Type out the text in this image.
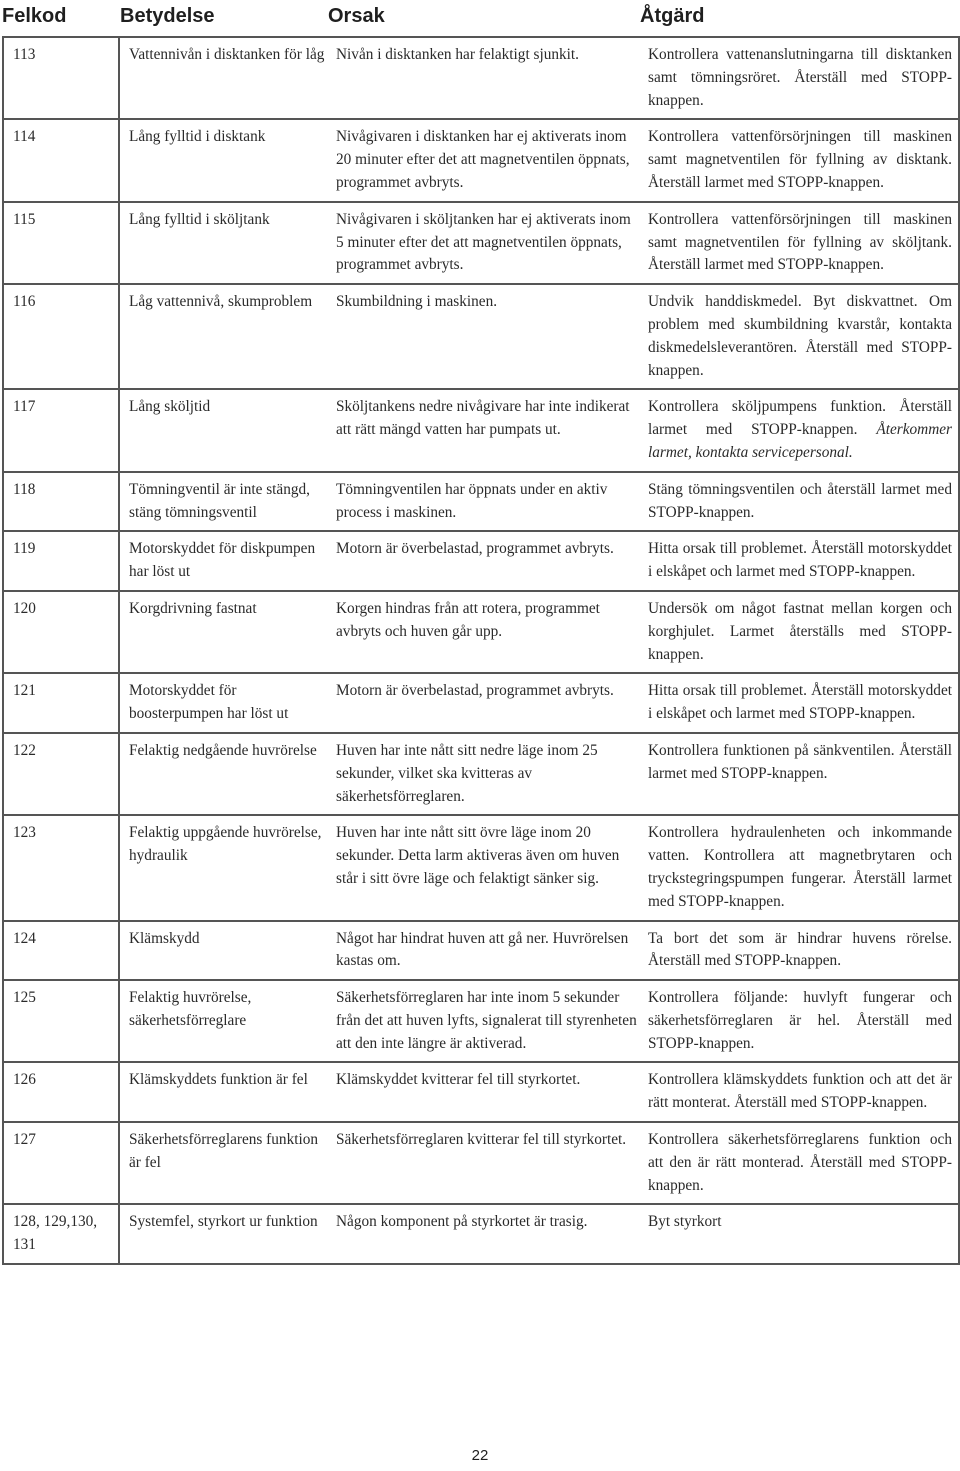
Felkod	Betydelse	Orsak	Åtgärd
113	Vattennivån i disktanken för låg	Nivån i disktanken har felaktigt sjunkit.	Kontrollera vattenanslutningarna till disktanken samt tömningsröret. Återställ med STOPP-knappen.
114	Lång fylltid i disktank	Nivågivaren i disktanken har ej aktiverats inom 20 minuter efter det att magnetventilen öppnats, programmet avbryts.	Kontrollera vattenförsörjningen till maskinen samt magnetventilen för fyllning av disktank. Återställ larmet med STOPP-knappen.
115	Lång fylltid i sköljtank	Nivågivaren i sköljtanken har ej aktiverats inom 5 minuter efter det att magnetventilen öppnats, programmet avbryts.	Kontrollera vattenförsörjningen till maskinen samt magnetventilen för fyllning av sköljtank. Återställ larmet med STOPP-knappen.
116	Låg vattennivå, skumproblem	Skumbildning i maskinen.	Undvik handdiskmedel. Byt diskvattnet. Om problem med skumbildning kvarstår, kontakta diskmedelsleverantören. Återställ med STOPP-knappen.
117	Lång sköljtid	Sköljtankens nedre nivågivare har inte indikerat att rätt mängd vatten har pumpats ut.	Kontrollera sköljpumpens funktion. Återställ larmet med STOPP-knappen. Återkommer larmet, kontakta servicepersonal.
118	Tömningventil är inte stängd, stäng tömningsventil	Tömningventilen har öppnats under en aktiv process i maskinen.	Stäng tömningsventilen och återställ larmet med STOPP-knappen.
119	Motorskyddet för diskpumpen har löst ut	Motorn är överbelastad, programmet avbryts.	Hitta orsak till problemet. Återställ motorskyddet i elskåpet och larmet med STOPP-knappen.
120	Korgdrivning fastnat	Korgen hindras från att rotera, programmet avbryts och huven går upp.	Undersök om något fastnat mellan korgen och korghjulet. Larmet återställs med STOPP-knappen.
121	Motorskyddet för boosterpumpen har löst ut	Motorn är överbelastad, programmet avbryts.	Hitta orsak till problemet. Återställ motorskyddet i elskåpet och larmet med STOPP-knappen.
122	Felaktig nedgående huvrörelse	Huven har inte nått sitt nedre läge inom 25 sekunder, vilket ska kvitteras av säkerhetsförreglaren.	Kontrollera funktionen på sänkventilen. Återställ larmet med STOPP-knappen.
123	Felaktig uppgående huvrörelse, hydraulik	Huven har inte nått sitt övre läge inom 20 sekunder. Detta larm aktiveras även om huven står i sitt övre läge och felaktigt sänker sig.	Kontrollera hydraulenheten och inkommande vatten. Kontrollera att magnetbrytaren och tryckstegringspumpen fungerar. Återställ larmet med STOPP-knappen.
124	Klämskydd	Något har hindrat huven att gå ner. Huvrörelsen kastas om.	Ta bort det som är hindrar huvens rörelse. Återställ med STOPP-knappen.
125	Felaktig huvrörelse, säkerhetsförreglare	Säkerhetsförreglaren har inte inom 5 sekunder från det att huven lyfts, signalerat till styrenheten att den inte längre är aktiverad.	Kontrollera följande: huvlyft fungerar och säkerhetsförreglaren är hel. Återställ med STOPP-knappen.
126	Klämskyddets funktion är fel	Klämskyddet kvitterar fel till styrkortet.	Kontrollera klämskyddets funktion och att det är rätt monterat. Återställ med STOPP-knappen.
127	Säkerhetsförreglarens funktion är fel	Säkerhetsförreglaren kvitterar fel till styrkortet.	Kontrollera säkerhetsförreglarens funktion och att den är rätt monterad. Återställ med STOPP-knappen.
128, 129,130, 131	Systemfel, styrkort ur funktion	Någon komponent på styrkortet är trasig.	Byt styrkort
22
